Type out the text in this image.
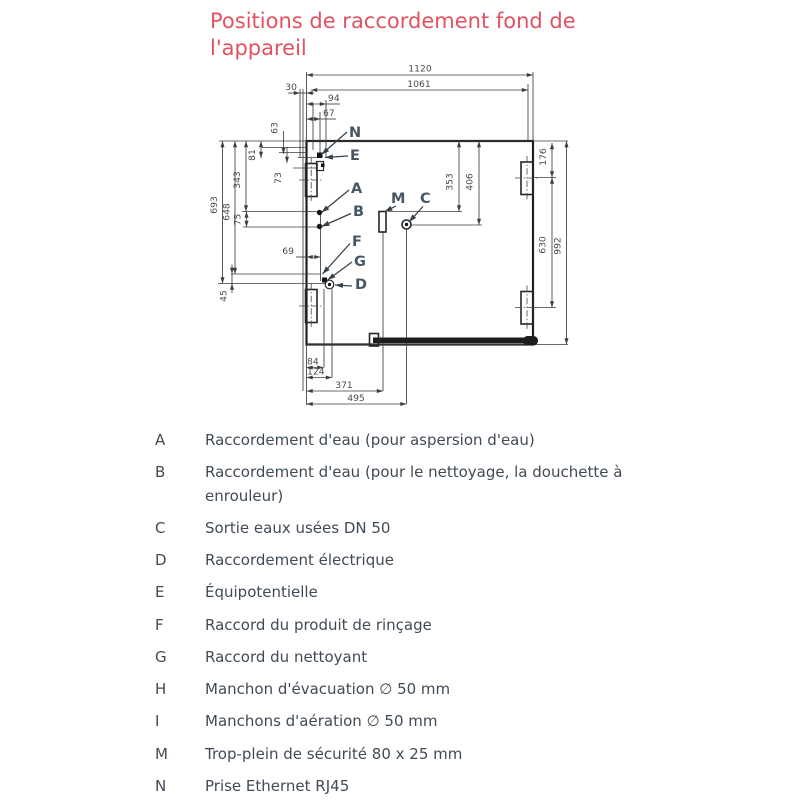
Positions de raccordement fond de l'appareil
1120
1061
30
94
67
63
81
73
343
75
648
693
45
69
353 406
176
630 992
84
124
371
495
N
E
A
B
F
G
D
M C
A	Raccordement d'eau (pour aspersion d'eau)
B	Raccordement d'eau (pour le nettoyage, la douchette à enrouleur)
C	Sortie eaux usées DN 50
D	Raccordement électrique
E	Équipotentielle
F	Raccord du produit de rinçage
G	Raccord du nettoyant
H	Manchon d'évacuation ∅ 50 mm
I	Manchons d'aération ∅ 50 mm
M	Trop-plein de sécurité 80 x 25 mm
N	Prise Ethernet RJ45
